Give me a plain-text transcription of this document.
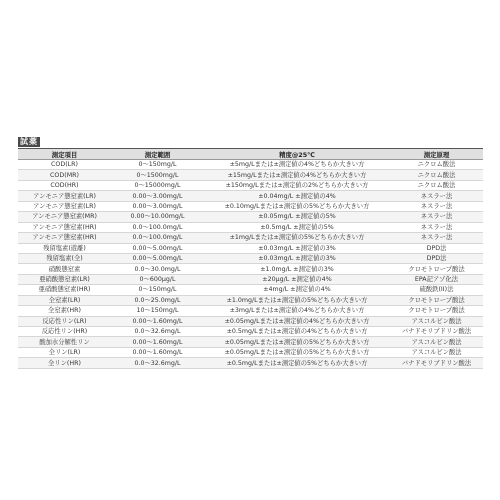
試薬
測定項目	測定範囲	精度@25℃	測定原理
COD(LR)	0～150mg/L	±5mg/Lまたは±測定値の4%どちらか大きい方	ニクロム酸法
COD(MR)	0～1500mg/L	±15mg/Lまたは±測定値の4%どちらか大きい方	ニクロム酸法
COD(HR)	0～15000mg/L	±150mg/Lまたは±測定値の2%どちらか大きい方	ニクロム酸法
アンモニア態窒素(LR)	0.00～3.00mg/L	±0.04mg/L ±測定値の4%	ネスラー法
アンモニア態窒素(LR)	0.00～3.00mg/L	±0.10mg/Lまたは±測定値の5%どちらか大きい方	ネスラー法
アンモニア態窒素(MR)	0.00～10.00mg/L	±0.05mg/L ±測定値の5%	ネスラー法
アンモニア態窒素(HR)	0.0～100.0mg/L	±0.5mg/L ±測定値の5%	ネスラー法
アンモニア態窒素(HR)	0.0～100.0mg/L	±1mg/Lまたは±測定値の5%どちらか大きい方	ネスラー法
残留塩素(遊離)	0.00～5.00mg/L	±0.03mg/L ±測定値の3%	DPD法
残留塩素(全)	0.00～5.00mg/L	±0.03mg/L ±測定値の3%	DPD法
硝酸態窒素	0.0～30.0mg/L	±1.0mg/L ±測定値の3%	クロモトロープ酸法
亜硝酸態窒素(LR)	0～600μg/L	±20μg/L ±測定値の4%	EPA記アゾ化法
亜硝酸態窒素(HR)	0～150mg/L	±4mg/L ±測定値の4%	硫酸鉄(II)法
全窒素(LR)	0.0～25.0mg/L	±1.0mg/Lまたは±測定値の5%どちらか大きい方	クロモトロープ酸法
全窒素(HR)	10～150mg/L	±3mg/Lまたは±測定値の4%どちらか大きい方	クロモトロープ酸法
反応性リン(LR)	0.00～1.60mg/L	±0.05mg/Lまたは±測定値の4%どちらか大きい方	アスコルビン酸法
反応性リン(HR)	0.0～32.6mg/L	±0.5mg/Lまたは±測定値の4%どちらか大きい方	バナドモリブドリン酸法
酸加水分解性リン	0.00～1.60mg/L	±0.05mg/Lまたは±測定値の5%どちらか大きい方	アスコルビン酸法
全リン(LR)	0.00～1.60mg/L	±0.05mg/Lまたは±測定値の5%どちらか大きい方	アスコルビン酸法
全リン(HR)	0.0～32.6mg/L	±0.5mg/Lまたは±測定値の5%どちらか大きい方	バナドモリブドリン酸法
